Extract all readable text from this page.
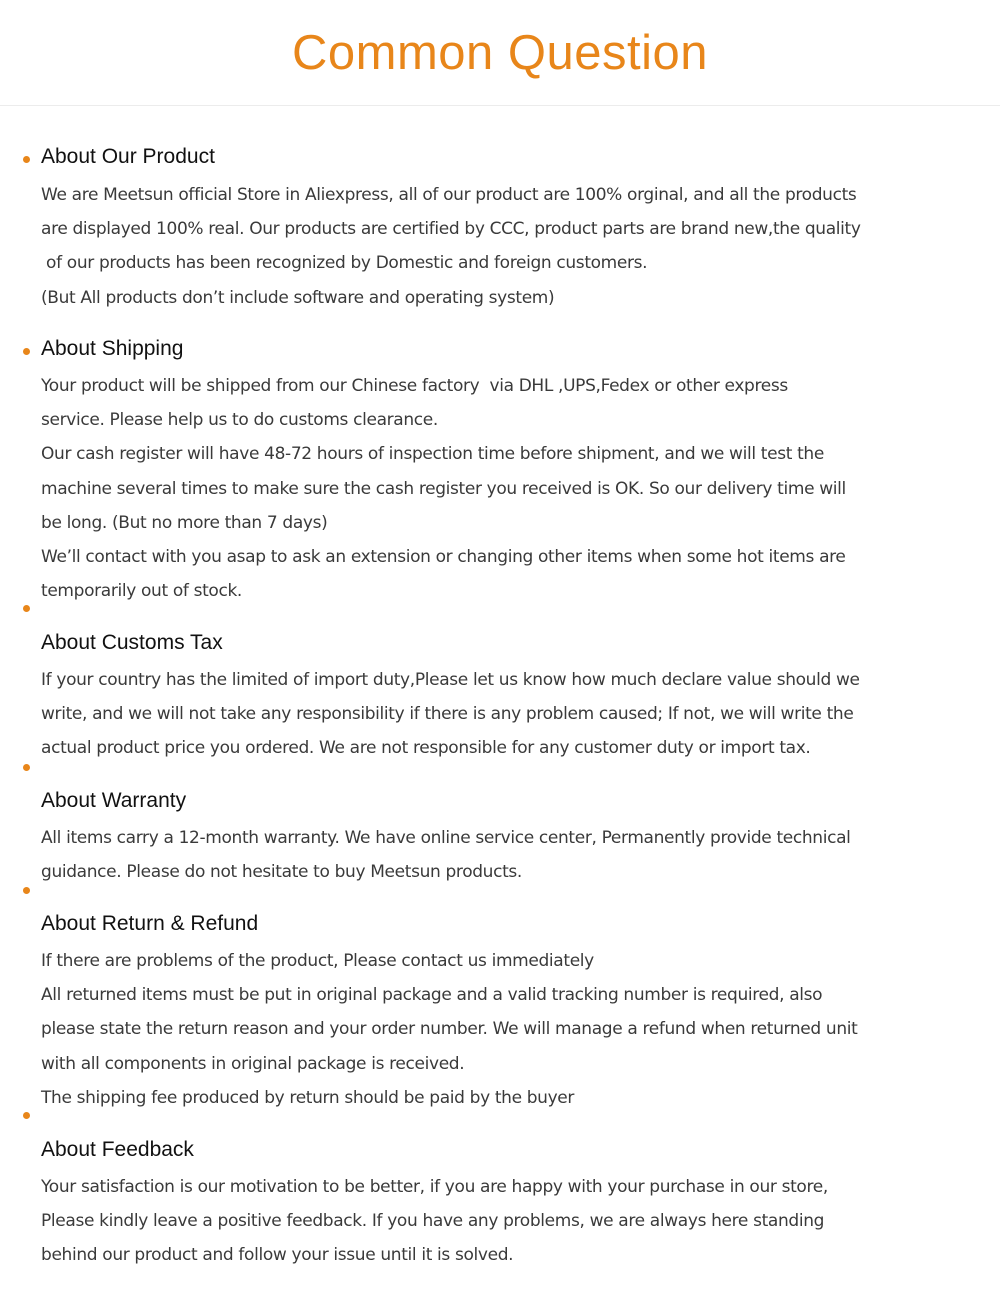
Common Question
About Our Product
We are Meetsun official Store in Aliexpress, all of our product are 100% orginal, and all the products
are displayed 100% real. Our products are certified by CCC, product parts are brand new,the quality
of our products has been recognized by Domestic and foreign customers.
(But All products don’t include software and operating system)
About Shipping
Your product will be shipped from our Chinese factory  via DHL ,UPS,Fedex or other express
service. Please help us to do customs clearance.
Our cash register will have 48-72 hours of inspection time before shipment, and we will test the
machine several times to make sure the cash register you received is OK. So our delivery time will
be long. (But no more than 7 days)
We’ll contact with you asap to ask an extension or changing other items when some hot items are
temporarily out of stock.
About Customs Tax
If your country has the limited of import duty,Please let us know how much declare value should we
write, and we will not take any responsibility if there is any problem caused; If not, we will write the
actual product price you ordered. We are not responsible for any customer duty or import tax.
About Warranty
All items carry a 12-month warranty. We have online service center, Permanently provide technical
guidance. Please do not hesitate to buy Meetsun products.
About Return & Refund
If there are problems of the product, Please contact us immediately
All returned items must be put in original package and a valid tracking number is required, also
please state the return reason and your order number. We will manage a refund when returned unit
with all components in original package is received.
The shipping fee produced by return should be paid by the buyer
About Feedback
Your satisfaction is our motivation to be better, if you are happy with your purchase in our store,
Please kindly leave a positive feedback. If you have any problems, we are always here standing
behind our product and follow your issue until it is solved.
